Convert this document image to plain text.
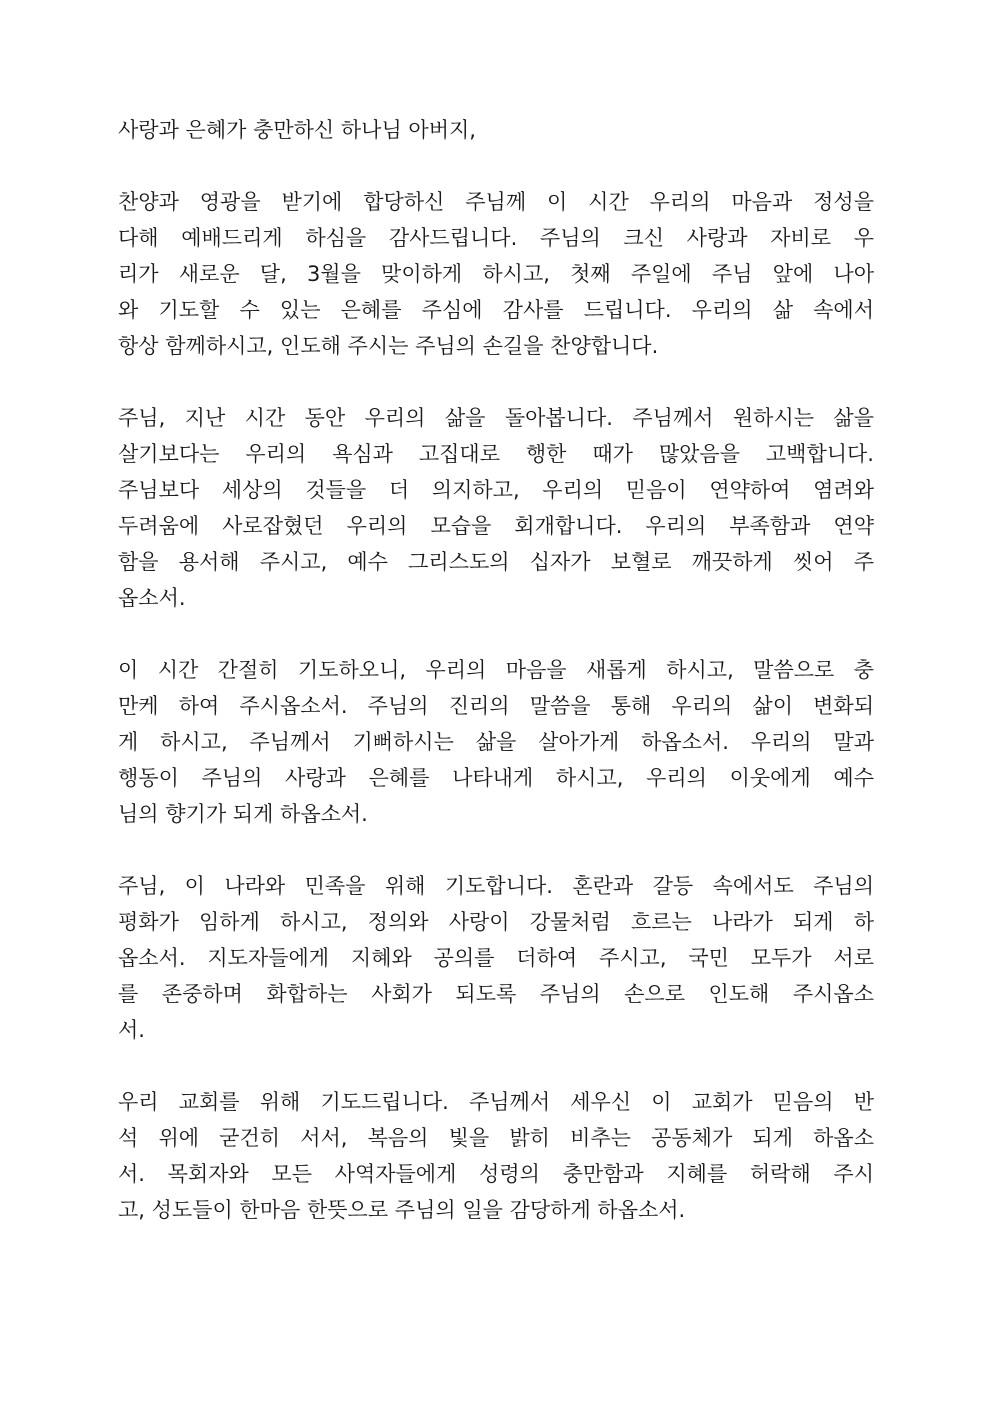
사랑과 은혜가 충만하신 하나님 아버지,

찬양과 영광을 받기에 합당하신 주님께 이 시간 우리의 마음과 정성을
다해 예배드리게 하심을 감사드립니다. 주님의 크신 사랑과 자비로 우
리가 새로운 달, 3월을 맞이하게 하시고, 첫째 주일에 주님 앞에 나아
와 기도할 수 있는 은혜를 주심에 감사를 드립니다. 우리의 삶 속에서
항상 함께하시고, 인도해 주시는 주님의 손길을 찬양합니다.

주님, 지난 시간 동안 우리의 삶을 돌아봅니다. 주님께서 원하시는 삶을
살기보다는 우리의 욕심과 고집대로 행한 때가 많았음을 고백합니다.
주님보다 세상의 것들을 더 의지하고, 우리의 믿음이 연약하여 염려와
두려움에 사로잡혔던 우리의 모습을 회개합니다. 우리의 부족함과 연약
함을 용서해 주시고, 예수 그리스도의 십자가 보혈로 깨끗하게 씻어 주
옵소서.

이 시간 간절히 기도하오니, 우리의 마음을 새롭게 하시고, 말씀으로 충
만케 하여 주시옵소서. 주님의 진리의 말씀을 통해 우리의 삶이 변화되
게 하시고, 주님께서 기뻐하시는 삶을 살아가게 하옵소서. 우리의 말과
행동이 주님의 사랑과 은혜를 나타내게 하시고, 우리의 이웃에게 예수
님의 향기가 되게 하옵소서.

주님, 이 나라와 민족을 위해 기도합니다. 혼란과 갈등 속에서도 주님의
평화가 임하게 하시고, 정의와 사랑이 강물처럼 흐르는 나라가 되게 하
옵소서. 지도자들에게 지혜와 공의를 더하여 주시고, 국민 모두가 서로
를 존중하며 화합하는 사회가 되도록 주님의 손으로 인도해 주시옵소
서.

우리 교회를 위해 기도드립니다. 주님께서 세우신 이 교회가 믿음의 반
석 위에 굳건히 서서, 복음의 빛을 밝히 비추는 공동체가 되게 하옵소
서. 목회자와 모든 사역자들에게 성령의 충만함과 지혜를 허락해 주시
고, 성도들이 한마음 한뜻으로 주님의 일을 감당하게 하옵소서.
